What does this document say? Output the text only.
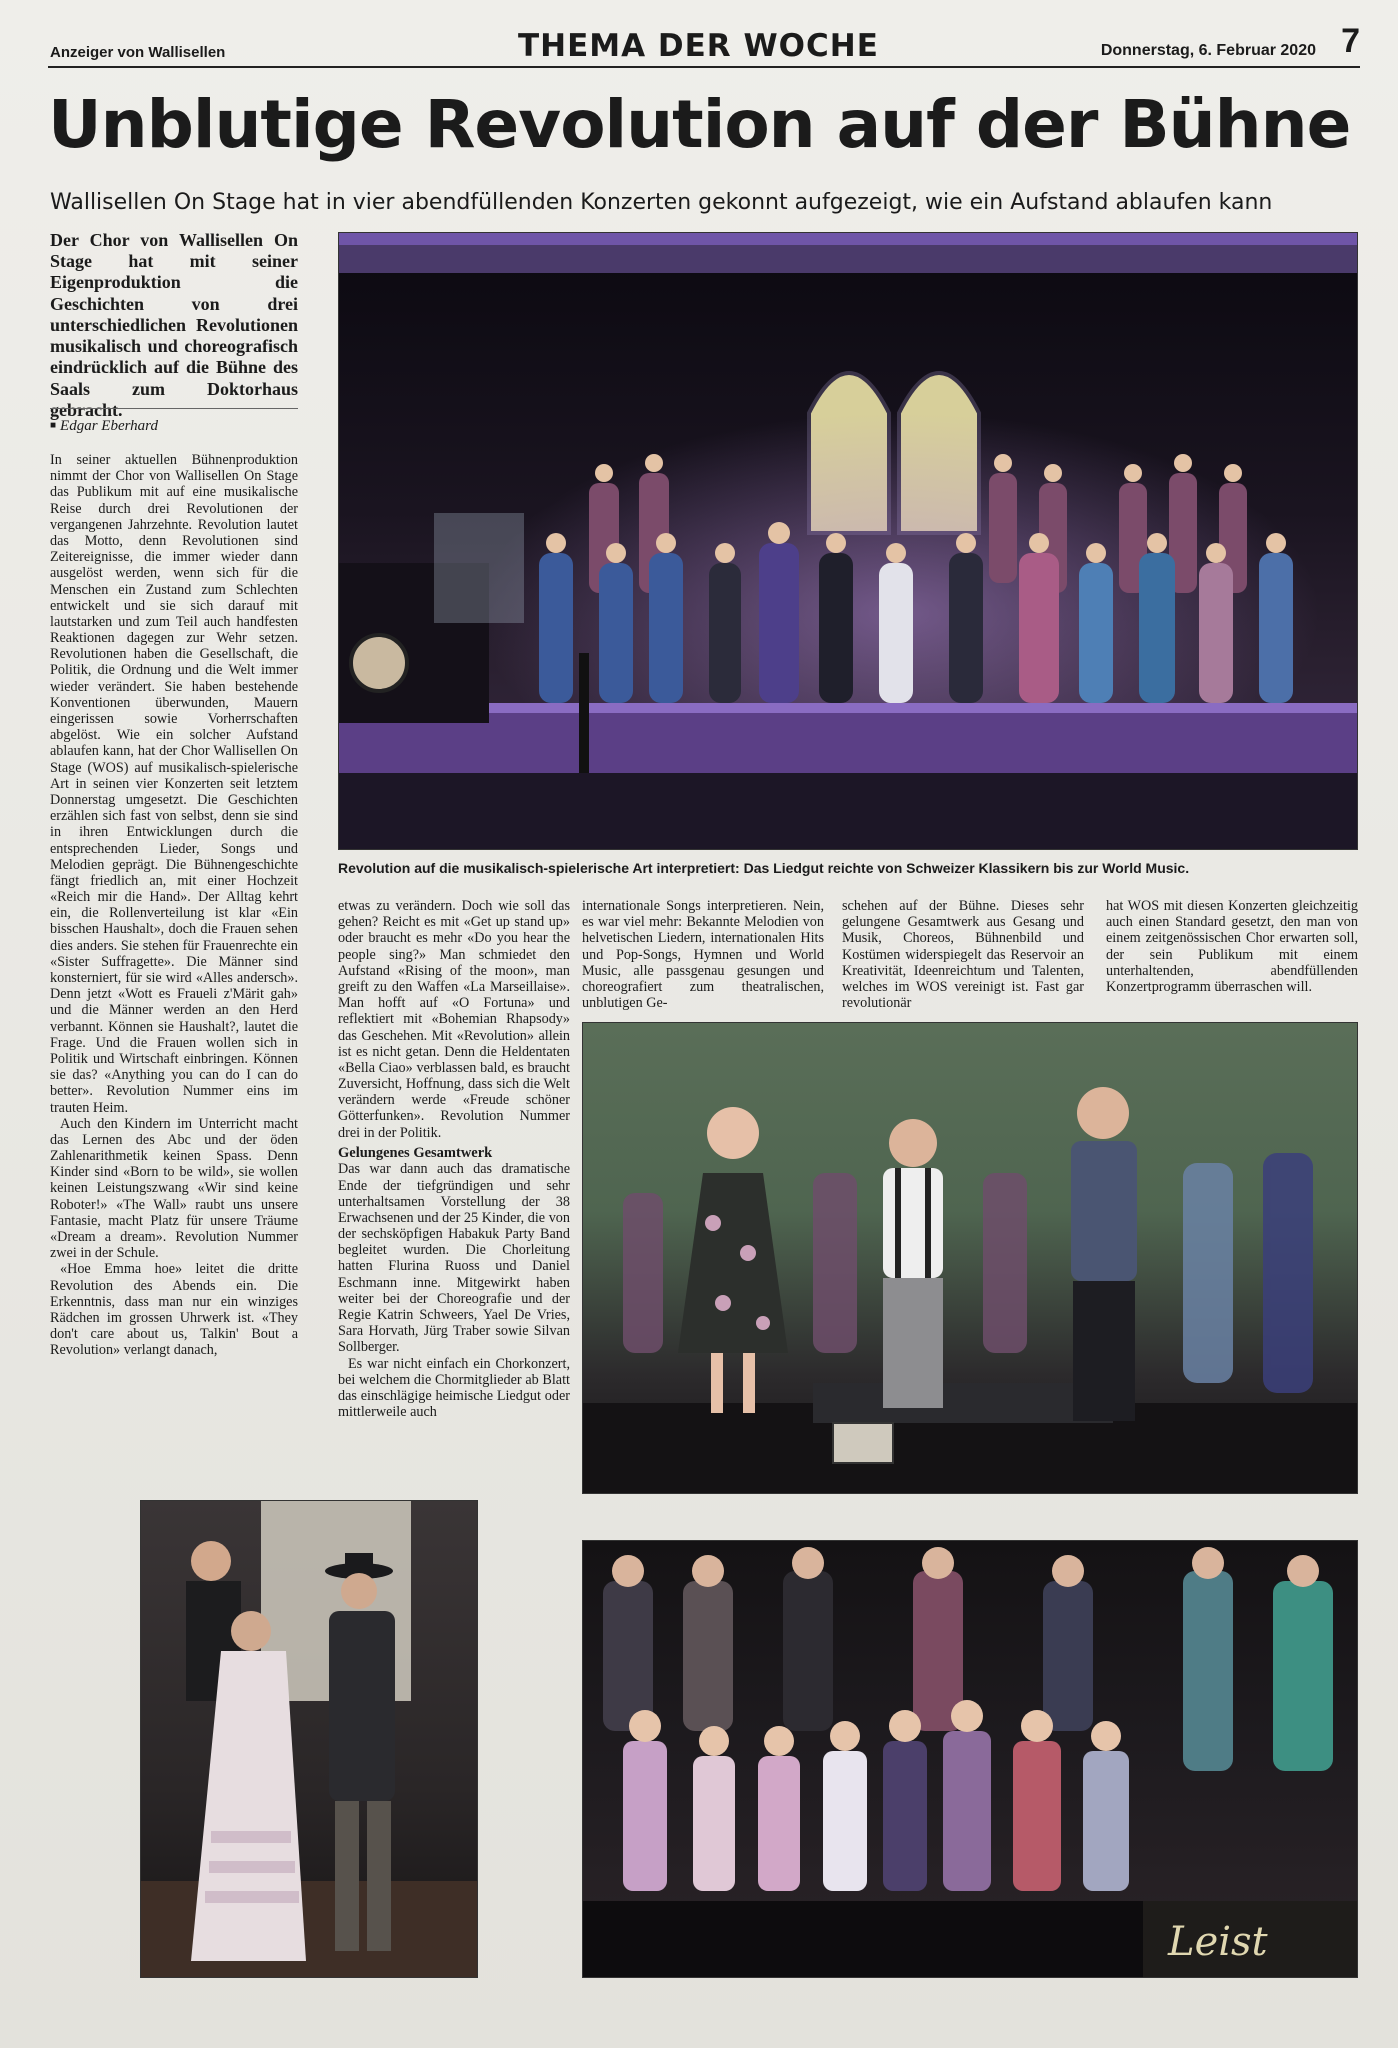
Anzeiger von Wallisellen	THEMA DER WOCHE	Donnerstag, 6. Februar 2020 7
Unblutige Revolution auf der Bühne
Wallisellen On Stage hat in vier abendfüllenden Konzerten gekonnt aufgezeigt, wie ein Aufstand ablaufen kann
Der Chor von Wallisellen On Stage hat mit seiner Eigenproduktion die Geschichten von drei unterschiedlichen Revolutionen musikalisch und choreografisch eindrücklich auf die Bühne des Saals zum Doktorhaus gebracht.
■ Edgar Eberhard

In seiner aktuellen Bühnenproduktion nimmt der Chor von Wallisellen On Stage das Publikum mit auf eine musikalische Reise durch drei Revolutionen der vergangenen Jahrzehnte. Revolution lautet das Motto, denn Revolutionen sind Zeitereignisse, die immer wieder dann ausgelöst werden, wenn sich für die Menschen ein Zustand zum Schlechten entwickelt und sie sich darauf mit lautstarken und zum Teil auch handfesten Reaktionen dagegen zur Wehr setzen. Revolutionen haben die Gesellschaft, die Politik, die Ordnung und die Welt immer wieder verändert. Sie haben bestehende Konventionen überwunden, Mauern eingerissen sowie Vorherrschaften abgelöst. Wie ein solcher Aufstand ablaufen kann, hat der Chor Wallisellen On Stage (WOS) auf musikalisch-spielerische Art in seinen vier Konzerten seit letztem Donnerstag umgesetzt. Die Geschichten erzählen sich fast von selbst, denn sie sind in ihren Entwicklungen durch die entsprechenden Lieder, Songs und Melodien geprägt. Die Bühnengeschichte fängt friedlich an, mit einer Hochzeit «Reich mir die Hand». Der Alltag kehrt ein, die Rollenverteilung ist klar «Ein bisschen Haushalt», doch die Frauen sehen dies anders. Sie stehen für Frauenrechte ein «Sister Suffragette». Die Männer sind konsterniert, für sie wird «Alles andersch». Denn jetzt «Wott es Fraueli z'Märit gah» und die Männer werden an den Herd verbannt. Können sie Haushalt?, lautet die Frage. Und die Frauen wollen sich in Politik und Wirtschaft einbringen. Können sie das? «Anything you can do I can do better». Revolution Nummer eins im trauten Heim.

Auch den Kindern im Unterricht macht das Lernen des Abc und der öden Zahlenarithmetik keinen Spass. Denn Kinder sind «Born to be wild», sie wollen keinen Leistungszwang «Wir sind keine Roboter!» «The Wall» raubt uns unsere Fantasie, macht Platz für unsere Träume «Dream a dream». Revolution Nummer zwei in der Schule.

«Hoe Emma hoe» leitet die dritte Revolution des Abends ein. Die Erkenntnis, dass man nur ein winziges Rädchen im grossen Uhrwerk ist. «They don't care about us, Talkin' Bout a Revolution» verlangt danach,

Revolution auf die musikalisch-spielerische Art interpretiert: Das Liedgut reichte von Schweizer Klassikern bis zur World Music.

etwas zu verändern. Doch wie soll das gehen? Reicht es mit «Get up stand up» oder braucht es mehr «Do you hear the people sing?» Man schmiedet den Aufstand «Rising of the moon», man greift zu den Waffen «La Marseillaise». Man hofft auf «O Fortuna» und reflektiert mit «Bohemian Rhapsody» das Geschehen. Mit «Revolution» allein ist es nicht getan. Denn die Heldentaten «Bella Ciao» verblassen bald, es braucht Zuversicht, Hoffnung, dass sich die Welt verändern werde «Freude schöner Götterfunken». Revolution Nummer drei in der Politik.

Gelungenes Gesamtwerk

Das war dann auch das dramatische Ende der tiefgründigen und sehr unterhaltsamen Vorstellung der 38 Erwachsenen und der 25 Kinder, die von der sechsköpfigen Habakuk Party Band begleitet wurden. Die Chorleitung hatten Flurina Ruoss und Daniel Eschmann inne. Mitgewirkt haben weiter bei der Choreografie und der Regie Katrin Schweers, Yael De Vries, Sara Horvath, Jürg Traber sowie Silvan Sollberger.

Es war nicht einfach ein Chorkonzert, bei welchem die Chormitglieder ab Blatt das einschlägige heimische Liedgut oder mittlerweile auch

internationale Songs interpretieren. Nein, es war viel mehr: Bekannte Melodien von helvetischen Liedern, internationalen Hits und Pop-Songs, Hymnen und World Music, alle passgenau gesungen und choreografiert zum theatralischen, unblutigen Ge-

schehen auf der Bühne. Dieses sehr gelungene Gesamtwerk aus Gesang und Musik, Choreos, Bühnenbild und Kostümen widerspiegelt das Reservoir an Kreativität, Ideenreichtum und Talenten, welches im WOS vereinigt ist. Fast gar revolutionär

hat WOS mit diesen Konzerten gleichzeitig auch einen Standard gesetzt, den man von einem zeitgenössischen Chor erwarten soll, der sein Publikum mit einem unterhaltenden, abendfüllenden Konzertprogramm überraschen will.

Leist
